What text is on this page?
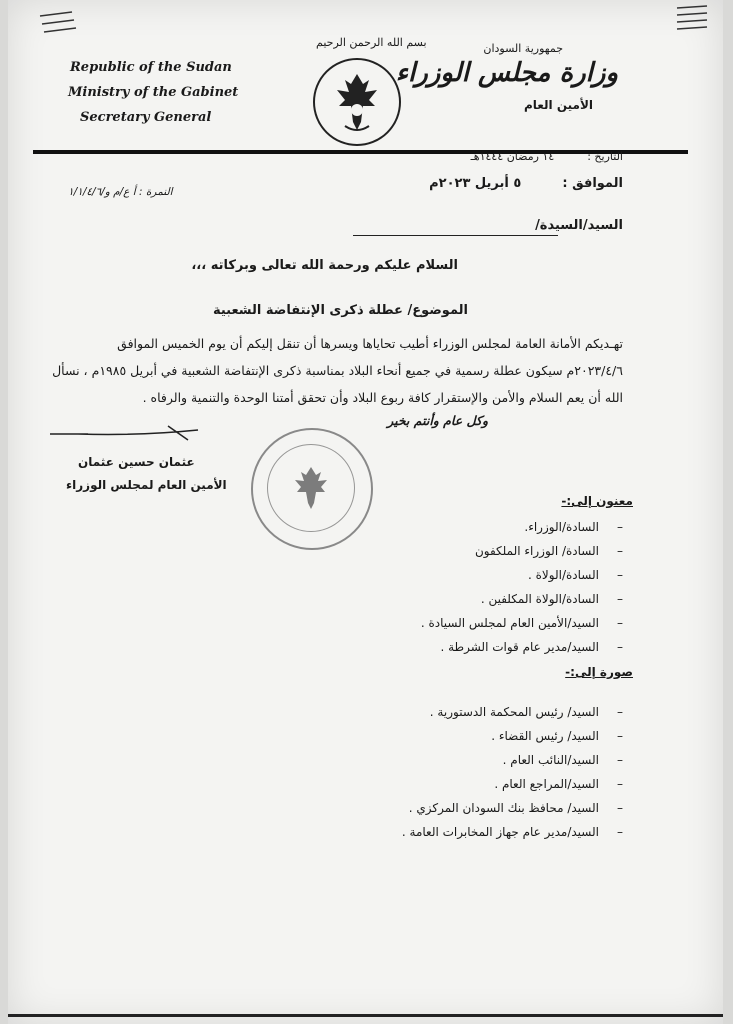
Republic of the Sudan
Ministry of the Gabinet
Secretary General
بسم الله الرحمن الرحيم	جمهورية السودان
وزارة مجلس الوزراء
الأمين العام
التاريخ :  ١٤ رمضان ١٤٤٤هـ
الموافق :  ٥ أبريل ٢٠٢٣م
النمرة : أ ع/م و/١/١/٤/٦
السيد/السيدة/
السلام عليكم ورحمة الله تعالى وبركاته ،،،
الموضوع/ عطلة ذكرى الإنتفاضة الشعبية
تهـديكم الأمانة العامة لمجلس الوزراء أطيب تحاياها ويسرها أن تنقل إليكم أن يوم الخميس الموافق
٢٠٢٣/٤/٦م سيكون عطلة رسمية في جميع أنحاء البلاد بمناسبة ذكرى الإنتفاضة الشعبية في أبريل ١٩٨٥م ، نسأل
الله أن يعم السلام والأمن والإستقرار كافة ربوع البلاد وأن تحقق أمتنا الوحدة والتنمية والرفاه .
وكل عام وأنتم بخير
عثمان حسين عثمان
الأمين العام لمجلس الوزراء
معنون إلى:-
–السادة/الوزراء.
–السادة/ الوزراء الملكفون
–السادة/الولاة .
–السادة/الولاة المكلفين .
–السيد/الأمين العام لمجلس السيادة .
–السيد/مدير عام قوات الشرطة .
صورة إلى:-
–السيد/ رئيس المحكمة الدستورية .
–السيد/ رئيس القضاء .
–السيد/النائب العام .
–السيد/المراجع العام .
–السيد/ محافظ بنك السودان المركزي .
–السيد/مدير عام جهاز المخابرات العامة .
